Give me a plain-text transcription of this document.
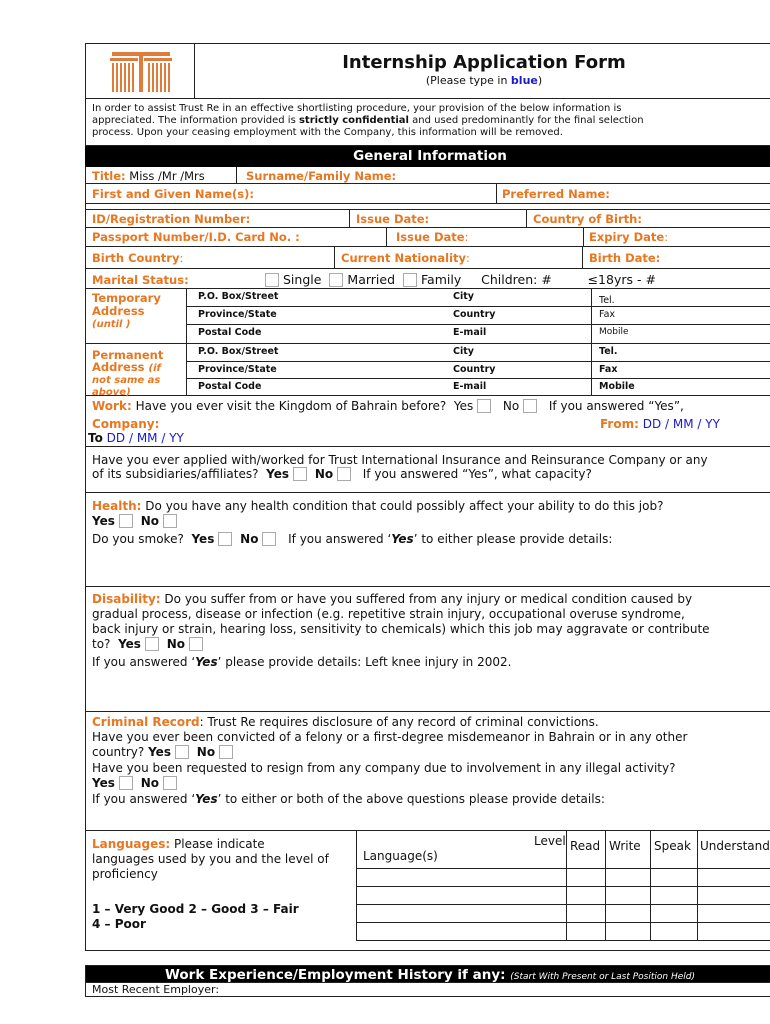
Internship Application Form
(Please type in blue)
In order to assist Trust Re in an effective shortlisting procedure, your provision of the below information is
appreciated. The information provided is strictly confidential and used predominantly for the final selection
process. Upon your ceasing employment with the Company, this information will be removed.
General Information
Title: Miss /Mr /Mrs	Surname/Family Name:
First and Given Name(s):	Preferred Name:
ID/Registration Number:	Issue Date:	Country of Birth:
Passport Number/I.D. Card No. :	Issue Date:	Expiry Date:
Birth Country:	Current Nationality:	Birth Date:
Marital Status:	Single Married Family Children: #	≤18yrs - #
Temporary
Address
(until )
P.O. Box/Street	City	Tel.
Province/State	Country	Fax
Postal Code	E-mail	Mobile
Permanent
Address (if
not same as
above)
P.O. Box/Street	City	Tel.
Province/State	Country	Fax
Postal Code	E-mail	Mobile
Work: Have you ever visit the Kingdom of Bahrain before? Yes No If you answered “Yes”,
Company:	From: DD / MM / YY
To DD / MM / YY
Have you ever applied with/worked for Trust International Insurance and Reinsurance Company or any
of its subsidiaries/affiliates? Yes No If you answered “Yes”, what capacity?
Health: Do you have any health condition that could possibly affect your ability to do this job?
Yes No
Do you smoke? Yes No If you answered ‘Yes’ to either please provide details:
Disability: Do you suffer from or have you suffered from any injury or medical condition caused by
gradual process, disease or infection (e.g. repetitive strain injury, occupational overuse syndrome,
back injury or strain, hearing loss, sensitivity to chemicals) which this job may aggravate or contribute
to? Yes No
If you answered ‘Yes’ please provide details: Left knee injury in 2002.
Criminal Record: Trust Re requires disclosure of any record of criminal convictions.
Have you ever been convicted of a felony or a first-degree misdemeanor in Bahrain or in any other
country? Yes No
Have you been requested to resign from any company due to involvement in any illegal activity?
Yes No
If you answered ‘Yes’ to either or both of the above questions please provide details:
Languages: Please indicate
languages used by you and the level of
proficiency
1 – Very Good 2 – Good 3 – Fair
4 – Poor
Level
Language(s)
Read Write Speak Understand
Work Experience/Employment History if any: (Start With Present or Last Position Held)
Most Recent Employer:
